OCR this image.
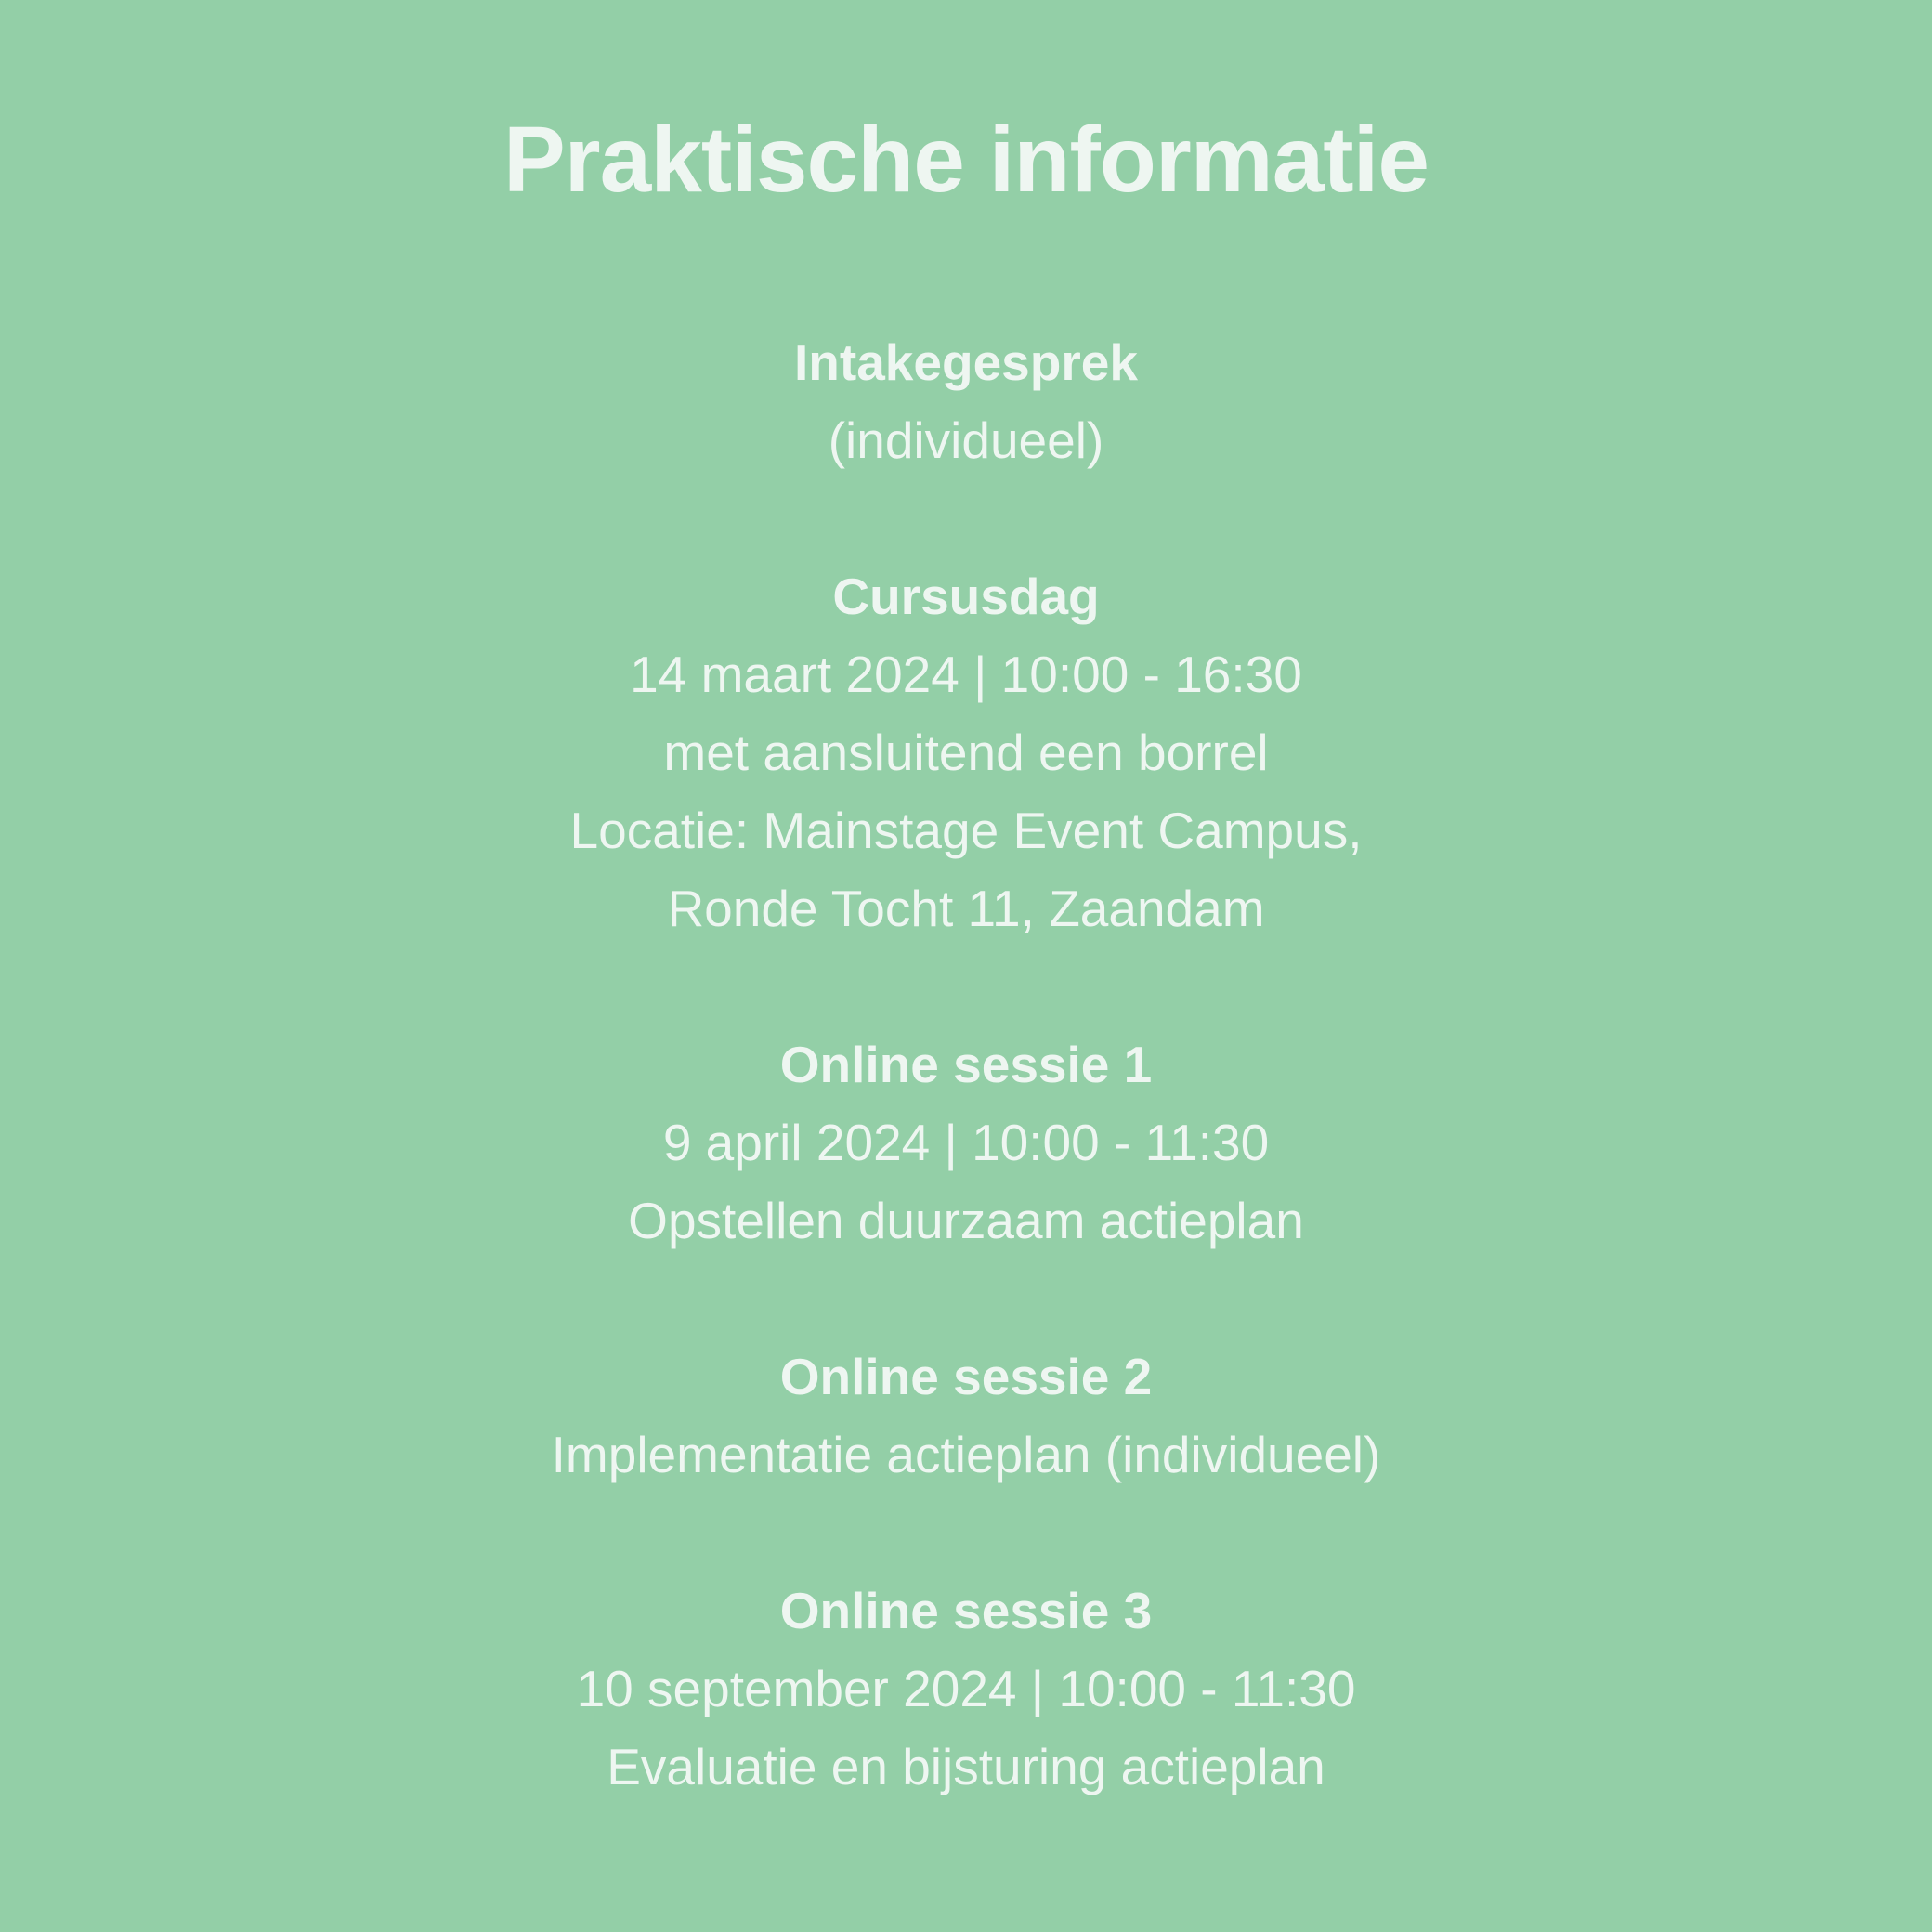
Praktische informatie
Intakegesprek
(individueel)
Cursusdag
14 maart 2024 | 10:00 - 16:30
met aansluitend een borrel
Locatie: Mainstage Event Campus,
Ronde Tocht 11, Zaandam
Online sessie 1
9 april 2024 | 10:00 - 11:30
Opstellen duurzaam actieplan
Online sessie 2
Implementatie actieplan (individueel)
Online sessie 3
10 september 2024 | 10:00 - 11:30
Evaluatie en bijsturing actieplan
